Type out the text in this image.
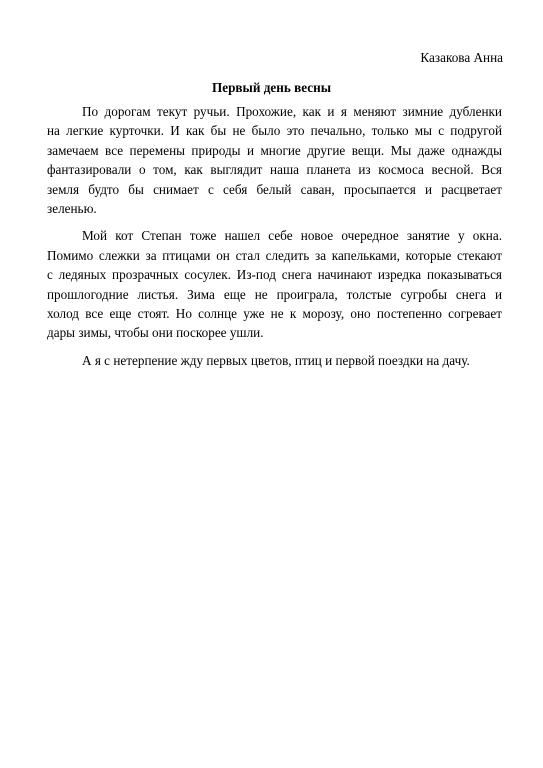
Казакова Анна
Первый день весны

По дорогам текут ручьи. Прохожие, как и я меняют зимние дубленки
на легкие курточки. И как бы не было это печально, только мы с подругой
замечаем все перемены природы и многие другие вещи. Мы даже однажды
фантазировали о том, как выглядит наша планета из космоса весной. Вся
земля будто бы снимает с себя белый саван, просыпается и расцветает
зеленью.

Мой кот Степан тоже нашел себе новое очередное занятие у окна.
Помимо слежки за птицами он стал следить за капельками, которые стекают
с ледяных прозрачных сосулек. Из-под снега начинают изредка показываться
прошлогодние листья. Зима еще не проиграла, толстые сугробы снега и
холод все еще стоят. Но солнце уже не к морозу, оно постепенно согревает
дары зимы, чтобы они поскорее ушли.

А я с нетерпение жду первых цветов, птиц и первой поездки на дачу.
